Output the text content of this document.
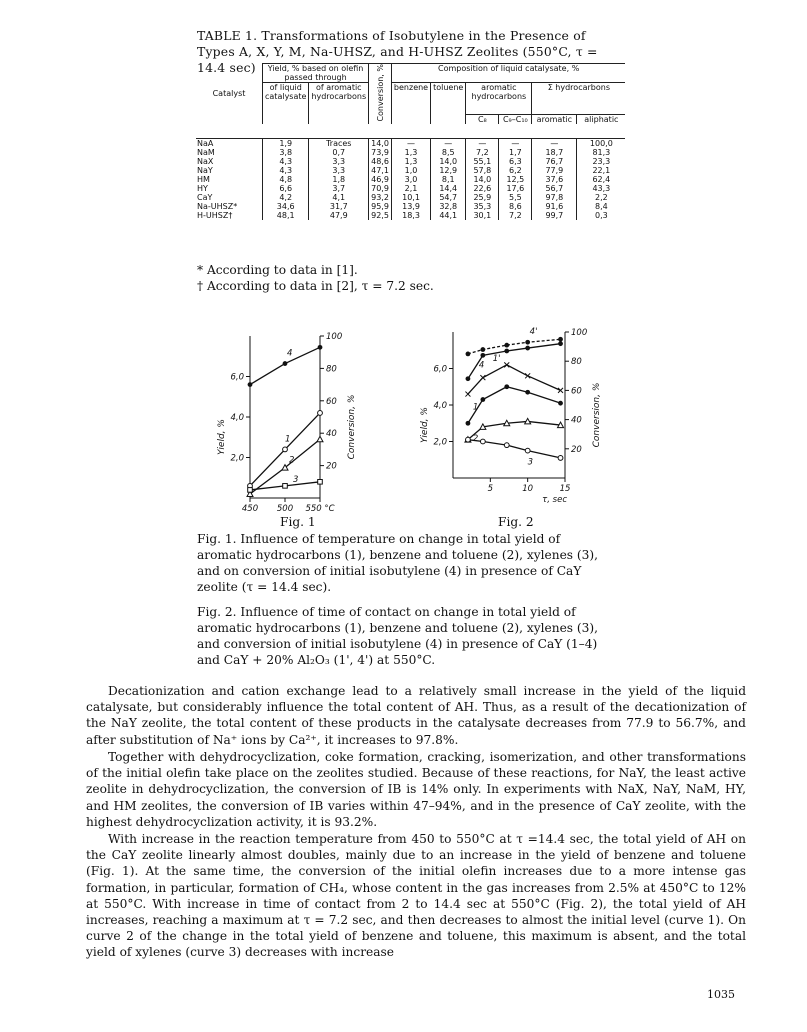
TABLE 1. Transformations of Isobutylene in the Presence of Types A, X, Y, M, Na-UHSZ, and H-UHSZ Zeolites (550°C, τ = 14.4 sec)
Catalyst	Yield, % based on olefin passed through		Conversion, %	Composition of liquid catalysate, %					
	of liquid catalysate	of aromatic hydrocarbons		benzene	toluene	aromatic hydrocarbons		Σ hydrocarbons	
						C₈	C₉–C₁₀	aromatic	aliphatic

NaA	1,9	Traces	14,0	—	—	—	—	—	100,0
NaM	3,8	0,7	73,9	1,3	8,5	7,2	1,7	18,7	81,3
NaX	4,3	3,3	48,6	1,3	14,0	55,1	6,3	76,7	23,3
NaY	4,3	3,3	47,1	1,0	12,9	57,8	6,2	77,9	22,1
HM	4,8	1,8	46,9	3,0	8,1	14,0	12,5	37,6	62,4
HY	6,6	3,7	70,9	2,1	14,4	22,6	17,6	56,7	43,3
CaY	4,2	4,1	93,2	10,1	54,7	25,9	5,5	97,8	2,2
Na-UHSZ*	34,6	31,7	95,9	13,9	32,8	35,3	8,6	91,6	8,4
H-UHSZ†	48,1	47,9	92,5	18,3	44,1	30,1	7,2	99,7	0,3
* According to data in [1].
† According to data in [2], τ = 7.2 sec.
2,0
4,0
6,0
20
40
60
80
100
450 500 550 °C
Yield, %	Conversion, %
1
2
3
4
2,0
4,0
6,0
20
40
60
80
100
5	10	15
τ, sec
Yield, %	Conversion, %
1
1'
2
3
4
4'
Fig. 1	Fig. 2
Fig. 1. Influence of temperature on change in total yield of aromatic hydrocarbons (1), benzene and toluene (2), xylenes (3), and on conversion of initial isobutylene (4) in presence of CaY zeolite (τ = 14.4 sec).
Fig. 2. Influence of time of contact on change in total yield of aromatic hydrocarbons (1), benzene and toluene (2), xylenes (3), and conversion of initial isobutylene (4) in presence of CaY (1–4) and CaY + 20% Al₂O₃ (1', 4') at 550°C.
Decationization and cation exchange lead to a relatively small increase in the yield of the liquid catalysate, but considerably influence the total content of AH. Thus, as a result of the decationization of the NaY zeolite, the total content of these products in the catalysate decreases from 77.9 to 56.7%, and after substitution of Na⁺ ions by Ca²⁺, it increases to 97.8%.
Together with dehydrocyclization, coke formation, cracking, isomerization, and other transformations of the initial olefin take place on the zeolites studied. Because of these reactions, for NaY, the least active zeolite in dehydrocyclization, the conversion of IB is 14% only. In experiments with NaX, NaY, NaM, HY, and HM zeolites, the conversion of IB varies within 47–94%, and in the presence of CaY zeolite, with the highest dehydrocyclization activity, it is 93.2%.
With increase in the reaction temperature from 450 to 550°C at τ =14.4 sec, the total yield of AH on the CaY zeolite linearly almost doubles, mainly due to an increase in the yield of benzene and toluene (Fig. 1). At the same time, the conversion of the initial olefin increases due to a more intense gas formation, in particular, formation of CH₄, whose content in the gas increases from 2.5% at 450°C to 12% at 550°C. With increase in time of contact from 2 to 14.4 sec at 550°C (Fig. 2), the total yield of AH increases, reaching a maximum at τ = 7.2 sec, and then decreases to almost the initial level (curve 1). On curve 2 of the change in the total yield of benzene and toluene, this maximum is absent, and the total yield of xylenes (curve 3) decreases with increase
1035
